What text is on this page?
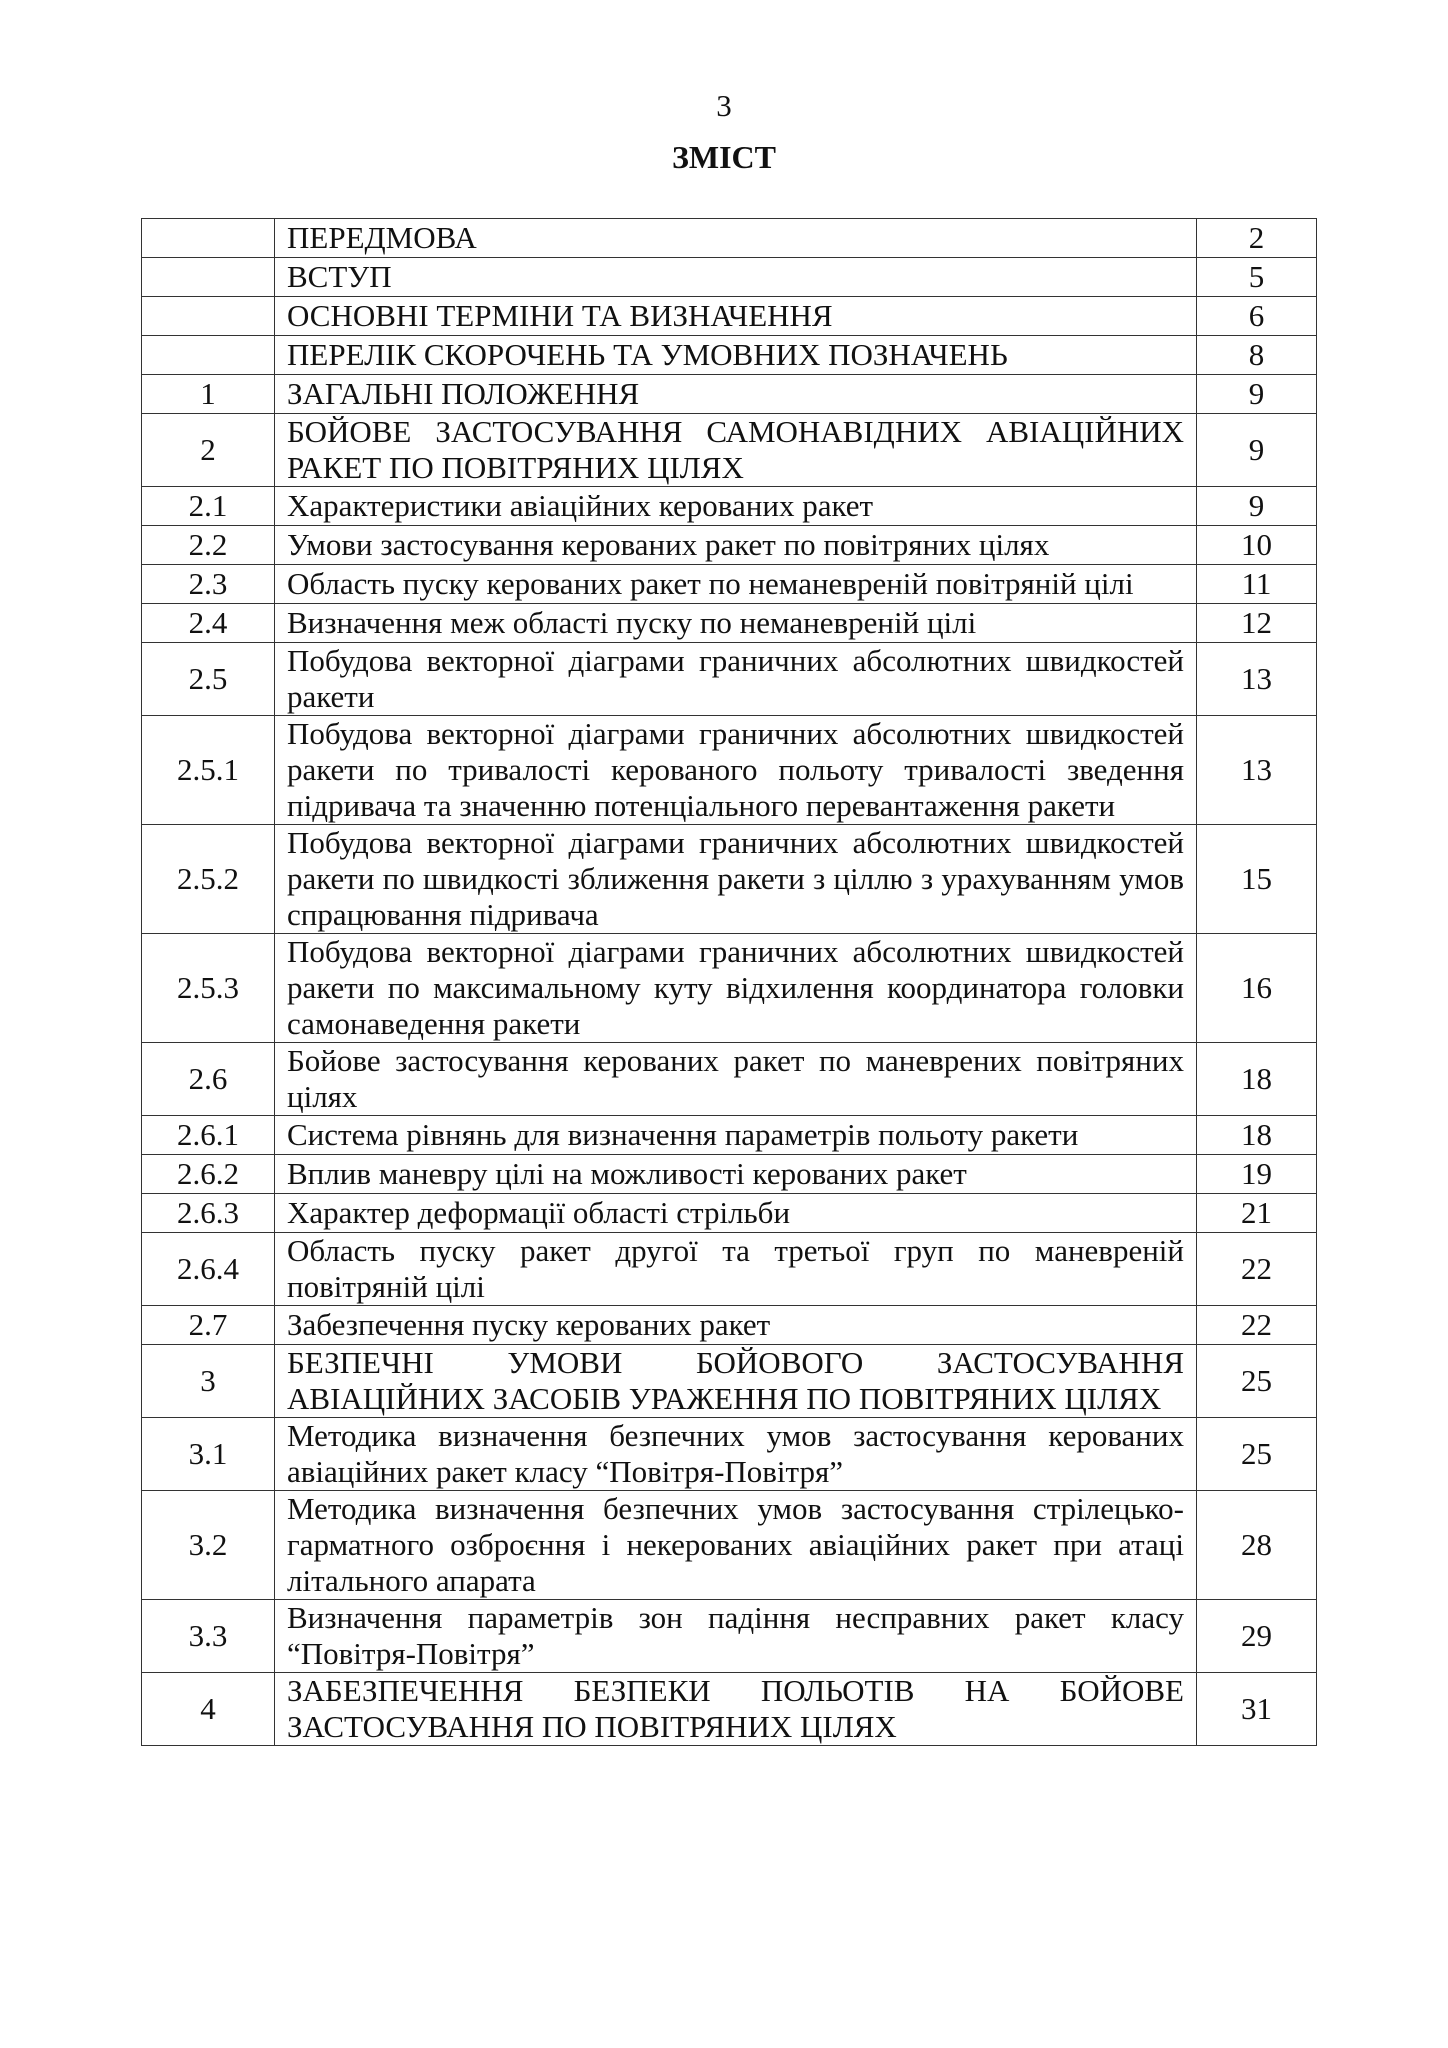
3
ЗМІСТ
	ПЕРЕДМОВА	2
	ВСТУП	5
	ОСНОВНІ ТЕРМІНИ ТА ВИЗНАЧЕННЯ	6
	ПЕРЕЛІК СКОРОЧЕНЬ ТА УМОВНИХ ПОЗНАЧЕНЬ	8
1	ЗАГАЛЬНІ ПОЛОЖЕННЯ	9
2	БОЙОВЕ ЗАСТОСУВАННЯ САМОНАВІДНИХ АВІАЦІЙНИХ РАКЕТ ПО ПОВІТРЯНИХ ЦІЛЯХ	9
2.1	Характеристики авіаційних керованих ракет	9
2.2	Умови застосування керованих ракет по повітряних цілях	10
2.3	Область пуску керованих ракет по неманевреній повітряній цілі	11
2.4	Визначення меж області пуску по неманевреній цілі	12
2.5	Побудова векторної діаграми граничних абсолютних швидкостей ракети	13
2.5.1	Побудова векторної діаграми граничних абсолютних швидкостей ракети по тривалості керованого польоту тривалості зведення підривача та значенню потенціального перевантаження ракети	13
2.5.2	Побудова векторної діаграми граничних абсолютних швидкостей ракети по швидкості зближення ракети з ціллю з урахуванням умов спрацювання підривача	15
2.5.3	Побудова векторної діаграми граничних абсолютних швидкостей ракети по максимальному куту відхилення координатора головки самонаведення ракети	16
2.6	Бойове застосування керованих ракет по маневрених повітряних цілях	18
2.6.1	Система рівнянь для визначення параметрів польоту ракети	18
2.6.2	Вплив маневру цілі на можливості керованих ракет	19
2.6.3	Характер деформації області стрільби	21
2.6.4	Область пуску ракет другої та третьої груп по маневреній повітряній цілі	22
2.7	Забезпечення пуску керованих ракет	22
3	БЕЗПЕЧНІ УМОВИ БОЙОВОГО ЗАСТОСУВАННЯ АВІАЦІЙНИХ ЗАСОБІВ УРАЖЕННЯ ПО ПОВІТРЯНИХ ЦІЛЯХ	25
3.1	Методика визначення безпечних умов застосування керованих авіаційних ракет класу “Повітря-Повітря”	25
3.2	Методика визначення безпечних умов застосування стрілецько-гарматного озброєння і некерованих авіаційних ракет при атаці літального апарата	28
3.3	Визначення параметрів зон падіння несправних ракет класу “Повітря-Повітря”	29
4	ЗАБЕЗПЕЧЕННЯ БЕЗПЕКИ ПОЛЬОТІВ НА БОЙОВЕ ЗАСТОСУВАННЯ ПО ПОВІТРЯНИХ ЦІЛЯХ	31
